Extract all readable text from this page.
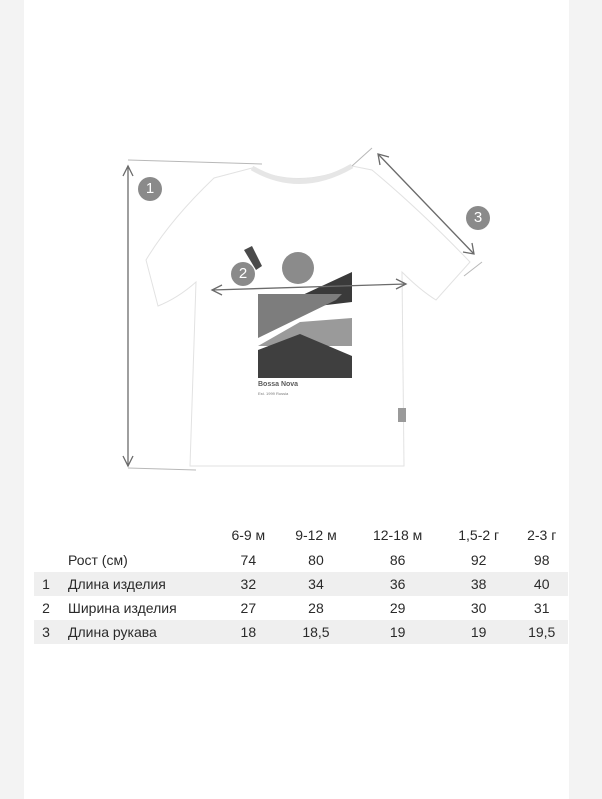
Bossa Nova
Est. 1999 Russia
1
2
3
		6-9 м	9-12 м	12-18 м	1,5-2 г	2-3 г
	Рост (см)	74	80	86	92	98
1	Длина изделия	32	34	36	38	40
2	Ширина изделия	27	28	29	30	31
3	Длина рукава	18	18,5	19	19	19,5
